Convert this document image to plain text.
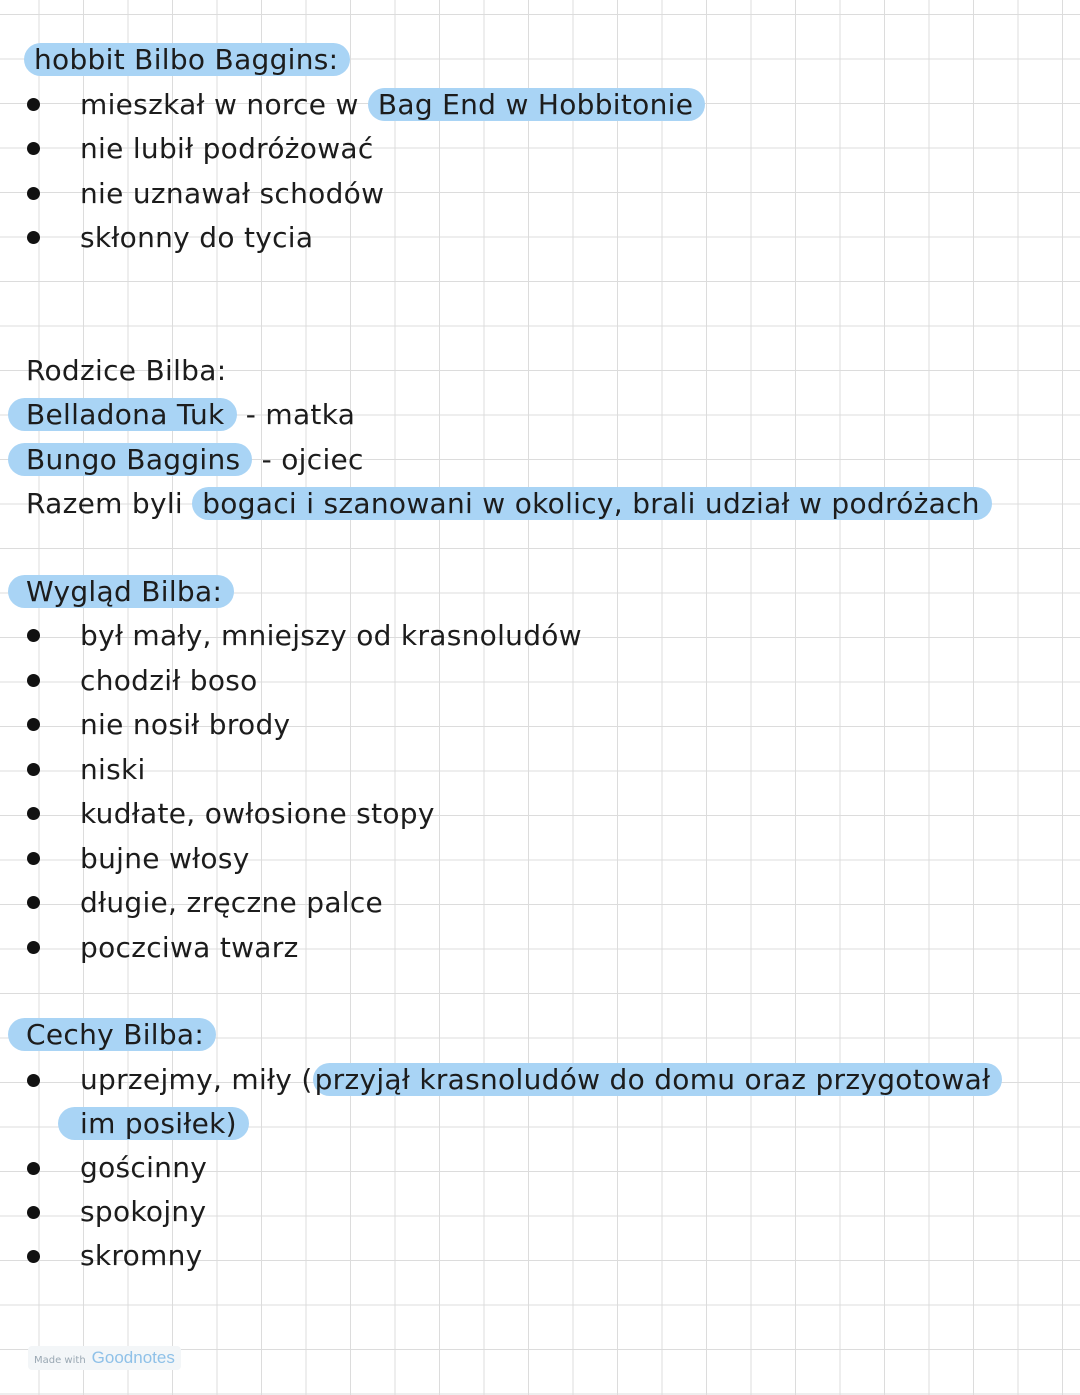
hobbit Bilbo Baggins:
mieszkał w norce w Bag End w Hobbitonie
nie lubił podróżować
nie uznawał schodów
skłonny do tycia
Rodzice Bilba:
Belladona Tuk - matka
Bungo Baggins - ojciec
Razem byli bogaci i szanowani w okolicy, brali udział w podróżach
Wygląd Bilba:
był mały, mniejszy od krasnoludów
chodził boso
nie nosił brody
niski
kudłate, owłosione stopy
bujne włosy
długie, zręczne palce
poczciwa twarz
Cechy Bilba:
uprzejmy, miły (przyjął krasnoludów do domu oraz przygotował
im posiłek)
gościnny
spokojny
skromny
Made with Goodnotes
